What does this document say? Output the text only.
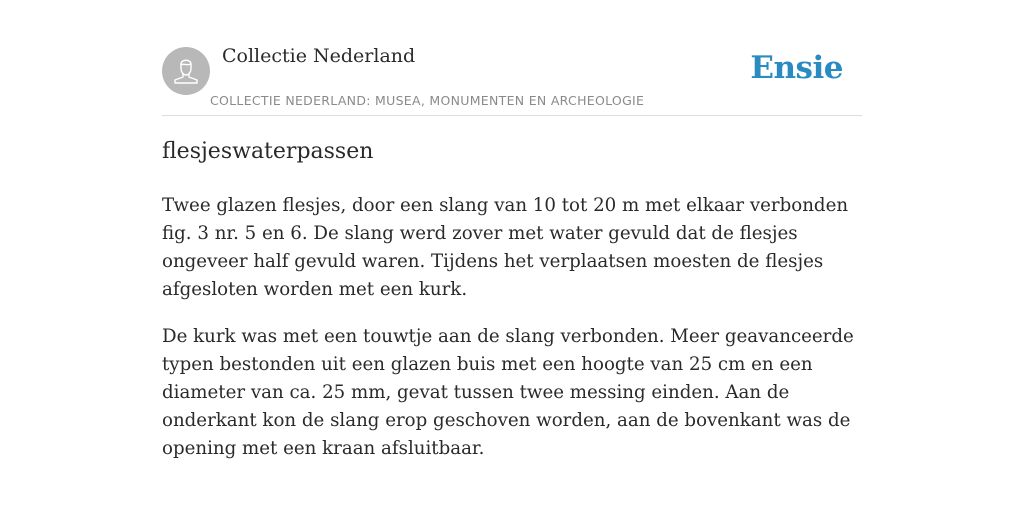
Collectie Nederland	Ensie
COLLECTIE NEDERLAND: MUSEA, MONUMENTEN EN ARCHEOLOGIE
flesjeswaterpassen

Twee glazen flesjes, door een slang van 10 tot 20 m met elkaar verbonden fig. 3 nr. 5 en 6. De slang werd zover met water gevuld dat de flesjes ongeveer half gevuld waren. Tijdens het verplaatsen moesten de flesjes afgesloten worden met een kurk.

De kurk was met een touwtje aan de slang verbonden. Meer geavanceerde typen bestonden uit een glazen buis met een hoogte van 25 cm en een diameter van ca. 25 mm, gevat tussen twee messing einden. Aan de onderkant kon de slang erop geschoven worden, aan de bovenkant was de opening met een kraan afsluitbaar.
